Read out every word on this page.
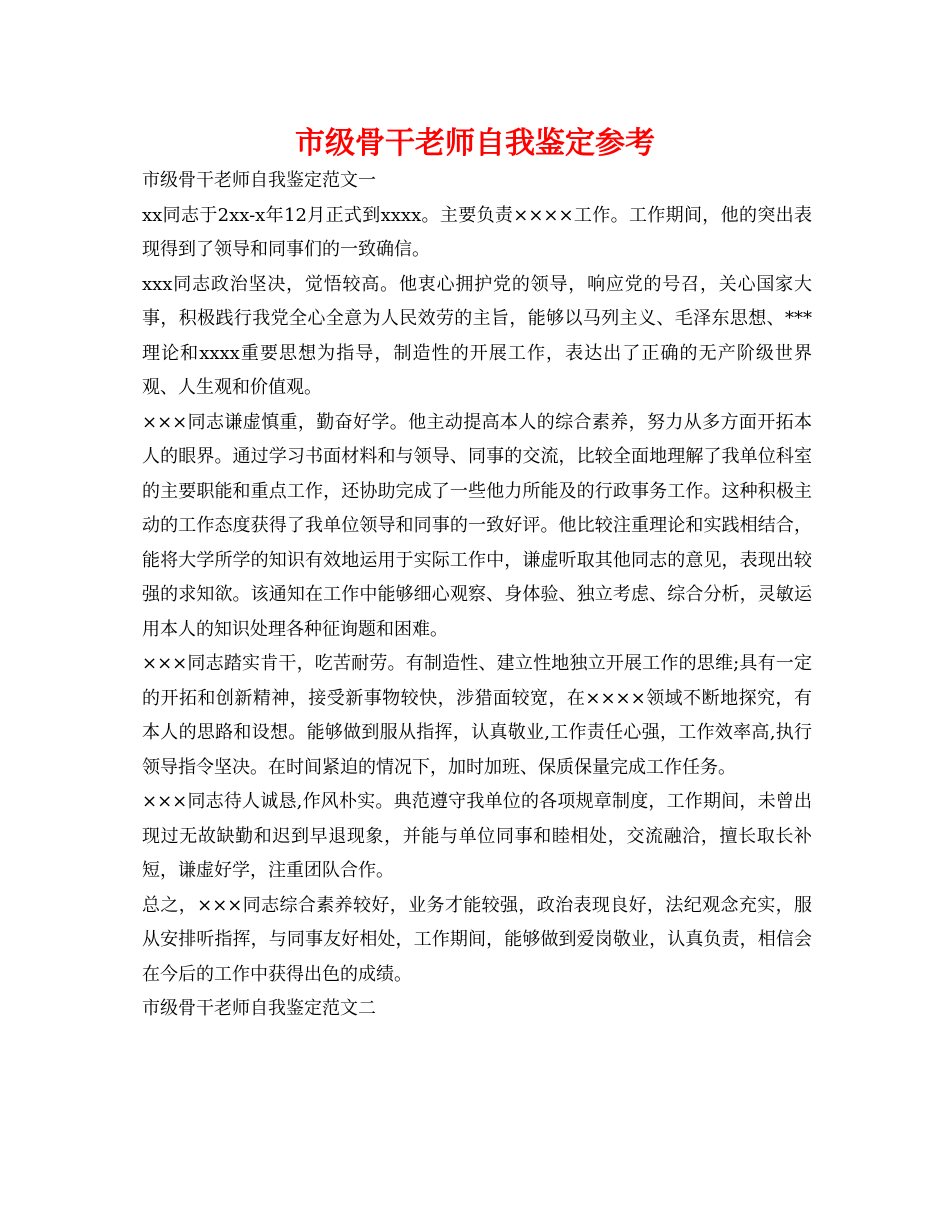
市级骨干老师自我鉴定参考

市级骨干老师自我鉴定范文一

xx同志于2xx-x年12月正式到xxxx。主要负责××××工作。工作期间，他的突出表现得到了领导和同事们的一致确信。

xxx同志政治坚决，觉悟较高。他衷心拥护党的领导，响应党的号召，关心国家大事，积极践行我党全心全意为人民效劳的主旨，能够以马列主义、毛泽东思想、***理论和xxxx重要思想为指导，制造性的开展工作，表达出了正确的无产阶级世界观、人生观和价值观。

×××同志谦虚慎重，勤奋好学。他主动提高本人的综合素养，努力从多方面开拓本人的眼界。通过学习书面材料和与领导、同事的交流，比较全面地理解了我单位科室的主要职能和重点工作，还协助完成了一些他力所能及的行政事务工作。这种积极主动的工作态度获得了我单位领导和同事的一致好评。他比较注重理论和实践相结合，能将大学所学的知识有效地运用于实际工作中，谦虚听取其他同志的意见，表现出较强的求知欲。该通知在工作中能够细心观察、身体验、独立考虑、综合分析，灵敏运用本人的知识处理各种征询题和困难。

×××同志踏实肯干，吃苦耐劳。有制造性、建立性地独立开展工作的思维;具有一定的开拓和创新精神，接受新事物较快，涉猎面较宽，在××××领域不断地探究，有本人的思路和设想。能够做到服从指挥，认真敬业,工作责任心强，工作效率高,执行领导指令坚决。在时间紧迫的情况下，加时加班、保质保量完成工作任务。

×××同志待人诚恳,作风朴实。典范遵守我单位的各项规章制度，工作期间，未曾出现过无故缺勤和迟到早退现象，并能与单位同事和睦相处，交流融洽，擅长取长补短，谦虚好学，注重团队合作。

总之，×××同志综合素养较好，业务才能较强，政治表现良好，法纪观念充实，服从安排听指挥，与同事友好相处，工作期间，能够做到爱岗敬业，认真负责，相信会在今后的工作中获得出色的成绩。

市级骨干老师自我鉴定范文二
